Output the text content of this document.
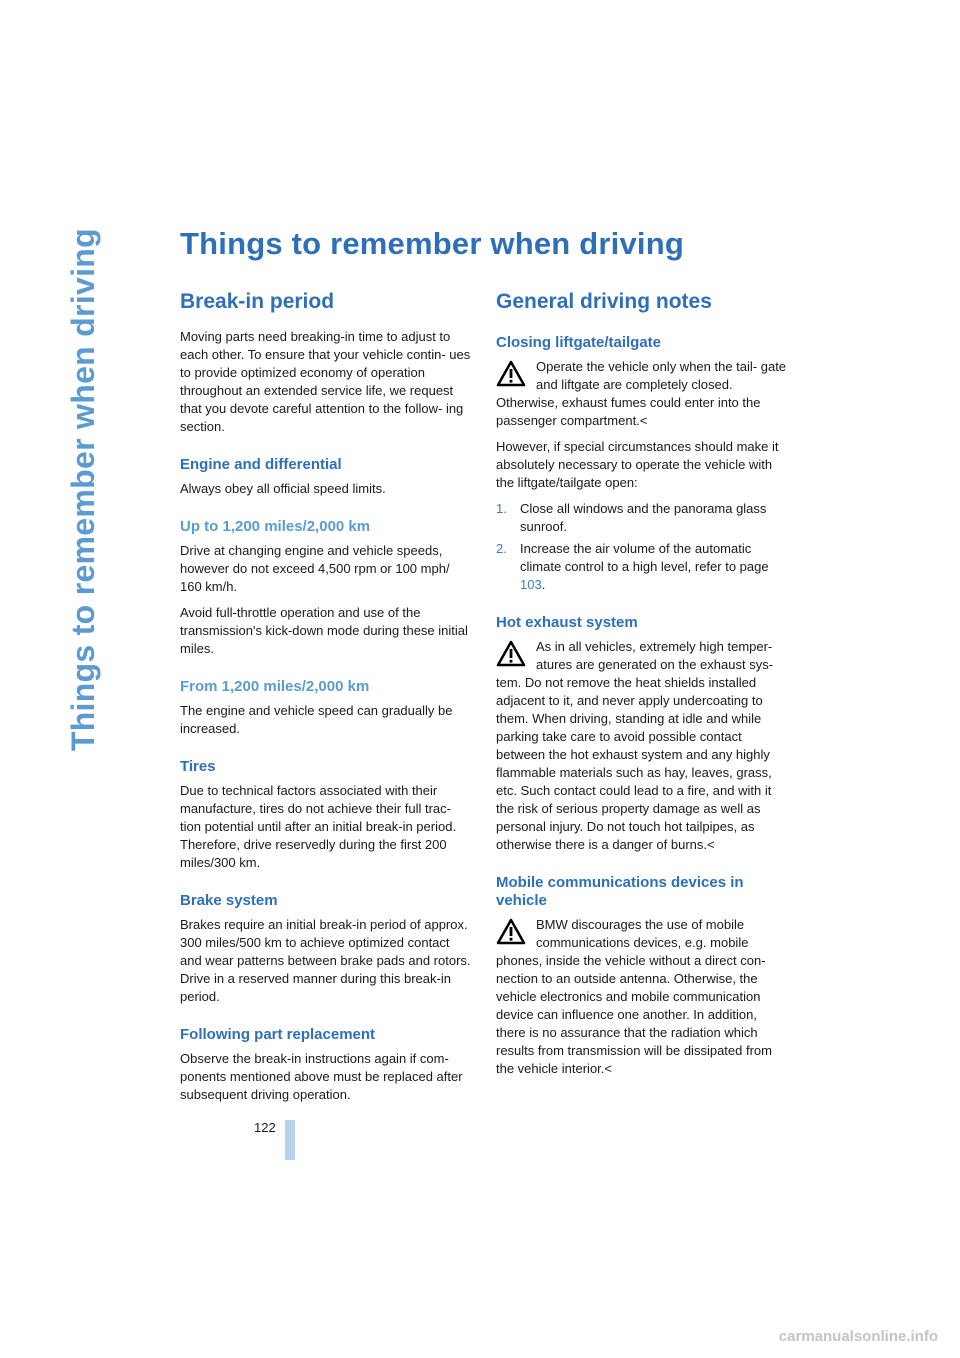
Things to remember when driving	Things to remember when driving
Break-in period

Moving parts need breaking-in time to adjust to each other. To ensure that your vehicle contin- ues to provide optimized economy of operation throughout an extended service life, we request that you devote careful attention to the follow- ing section.

Engine and differential

Always obey all official speed limits.

Up to 1,200 miles/2,000 km

Drive at changing engine and vehicle speeds, however do not exceed 4,500 rpm or 100 mph/ 160 km/h.

Avoid full-throttle operation and use of the transmission's kick-down mode during these initial miles.

From 1,200 miles/2,000 km

The engine and vehicle speed can gradually be increased.

Tires

Due to technical factors associated with their manufacture, tires do not achieve their full trac- tion potential until after an initial break-in period. Therefore, drive reservedly during the first 200 miles/300 km.

Brake system

Brakes require an initial break-in period of approx. 300 miles/500 km to achieve optimized contact and wear patterns between brake pads and rotors. Drive in a reserved manner during this break-in period.

Following part replacement

Observe the break-in instructions again if com- ponents mentioned above must be replaced after subsequent driving operation.

General driving notes
Closing liftgate/tailgate
Operate the vehicle only when the tail- gate and liftgate are completely closed. Otherwise, exhaust fumes could enter into the passenger compartment.<

However, if special circumstances should make it absolutely necessary to operate the vehicle with the liftgate/tailgate open:

1. Close all windows and the panorama glass sunroof.
2. Increase the air volume of the automatic climate control to a high level, refer to page 103.
Hot exhaust system
As in all vehicles, extremely high temper- atures are generated on the exhaust sys- tem. Do not remove the heat shields installed adjacent to it, and never apply undercoating to them. When driving, standing at idle and while parking take care to avoid possible contact between the hot exhaust system and any highly flammable materials such as hay, leaves, grass, etc. Such contact could lead to a fire, and with it the risk of serious property damage as well as personal injury. Do not touch hot tailpipes, as otherwise there is a danger of burns.<
Mobile communications devices in vehicle
BMW discourages the use of mobile communications devices, e.g. mobile phones, inside the vehicle without a direct con- nection to an outside antenna. Otherwise, the vehicle electronics and mobile communication device can influence one another. In addition, there is no assurance that the radiation which results from transmission will be dissipated from the vehicle interior.<
122
carmanualsonline.info
